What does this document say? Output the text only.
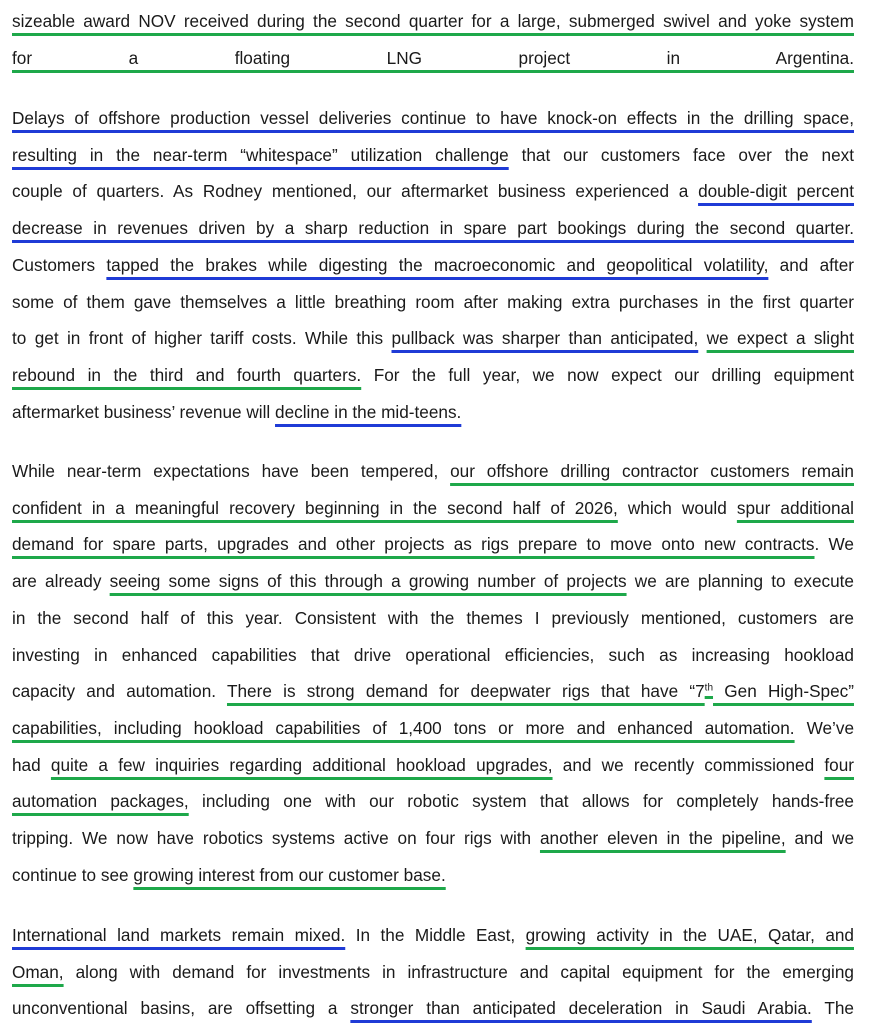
sizeable award NOV received during the second quarter for a large, submerged swivel and yoke system
for a floating LNG project in Argentina.
Delays of offshore production vessel deliveries continue to have knock-on effects in the drilling space,
resulting in the near-term “whitespace” utilization challenge that our customers face over the next
couple of quarters. As Rodney mentioned, our aftermarket business experienced a double-digit percent
decrease in revenues driven by a sharp reduction in spare part bookings during the second quarter.
Customers tapped the brakes while digesting the macroeconomic and geopolitical volatility, and after
some of them gave themselves a little breathing room after making extra purchases in the first quarter
to get in front of higher tariff costs. While this pullback was sharper than anticipated, we expect a slight
rebound in the third and fourth quarters. For the full year, we now expect our drilling equipment
aftermarket business’ revenue will decline in the mid-teens.
While near-term expectations have been tempered, our offshore drilling contractor customers remain
confident in a meaningful recovery beginning in the second half of 2026, which would spur additional
demand for spare parts, upgrades and other projects as rigs prepare to move onto new contracts. We
are already seeing some signs of this through a growing number of projects we are planning to execute
in the second half of this year. Consistent with the themes I previously mentioned, customers are
investing in enhanced capabilities that drive operational efficiencies, such as increasing hookload
capacity and automation. There is strong demand for deepwater rigs that have “7th Gen High-Spec”
capabilities, including hookload capabilities of 1,400 tons or more and enhanced automation. We’ve
had quite a few inquiries regarding additional hookload upgrades, and we recently commissioned four
automation packages, including one with our robotic system that allows for completely hands-free
tripping. We now have robotics systems active on four rigs with another eleven in the pipeline, and we
continue to see growing interest from our customer base.
International land markets remain mixed. In the Middle East, growing activity in the UAE, Qatar, and
Oman, along with demand for investments in infrastructure and capital equipment for the emerging
unconventional basins, are offsetting a stronger than anticipated deceleration in Saudi Arabia. The
